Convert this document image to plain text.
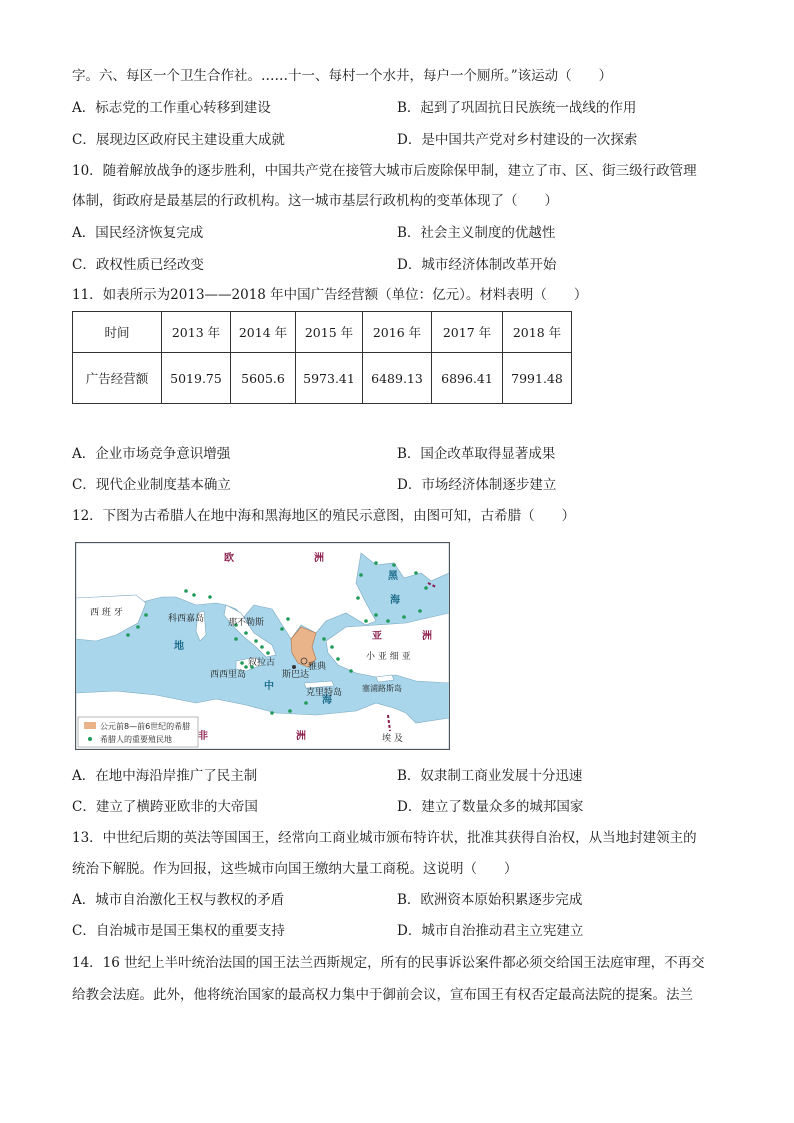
字。六、每区一个卫生合作社。……十一、每村一个水井，每户一个厕所。”该运动（　　）
A．标志党的工作重心转移到建设	B．起到了巩固抗日民族统一战线的作用
C．展现边区政府民主建设重大成就	D．是中国共产党对乡村建设的一次探索
10．随着解放战争的逐步胜利，中国共产党在接管大城市后废除保甲制，建立了市、区、街三级行政管理
体制，街政府是最基层的行政机构。这一城市基层行政机构的变革体现了（　　）
A．国民经济恢复完成	B．社会主义制度的优越性
C．政权性质已经改变	D．城市经济体制改革开始
11．如表所示为2013——2018 年中国广告经营额（单位：亿元）。材料表明（　　）
时间	2013 年	2014 年	2015 年	2016 年	2017 年	2018 年
广告经营额	5019.75	5605.6	5973.41	6489.13	6896.41	7991.48
A．企业市场竞争意识增强	B．国企改革取得显著成果
C．现代企业制度基本确立	D．市场经济体制逐步建立
12．下图为古希腊人在地中海和黑海地区的殖民示意图，由图可知，古希腊（　　）
欧	洲
亚	洲
非	洲
地
中
海
黑
海
西 班 牙
科西嘉岛	那不勒斯
叙拉古
西西里岛	斯巴达
雅典
小 亚 细 亚
克里特岛 塞浦路斯岛
埃 及
公元前8—前6世纪的希腊
希腊人的重要殖民地
A．在地中海沿岸推广了民主制	B．奴隶制工商业发展十分迅速
C．建立了横跨亚欧非的大帝国	D．建立了数量众多的城邦国家
13．中世纪后期的英法等国国王，经常向工商业城市颁布特许状，批准其获得自治权，从当地封建领主的
统治下解脱。作为回报，这些城市向国王缴纳大量工商税。这说明（　　）
A．城市自治激化王权与教权的矛盾	B．欧洲资本原始积累逐步完成
C．自治城市是国王集权的重要支持	D．城市自治推动君主立宪建立
14．16 世纪上半叶统治法国的国王法兰西斯规定，所有的民事诉讼案件都必须交给国王法庭审理，不再交
给教会法庭。此外，他将统治国家的最高权力集中于御前会议，宣布国王有权否定最高法院的提案。法兰
